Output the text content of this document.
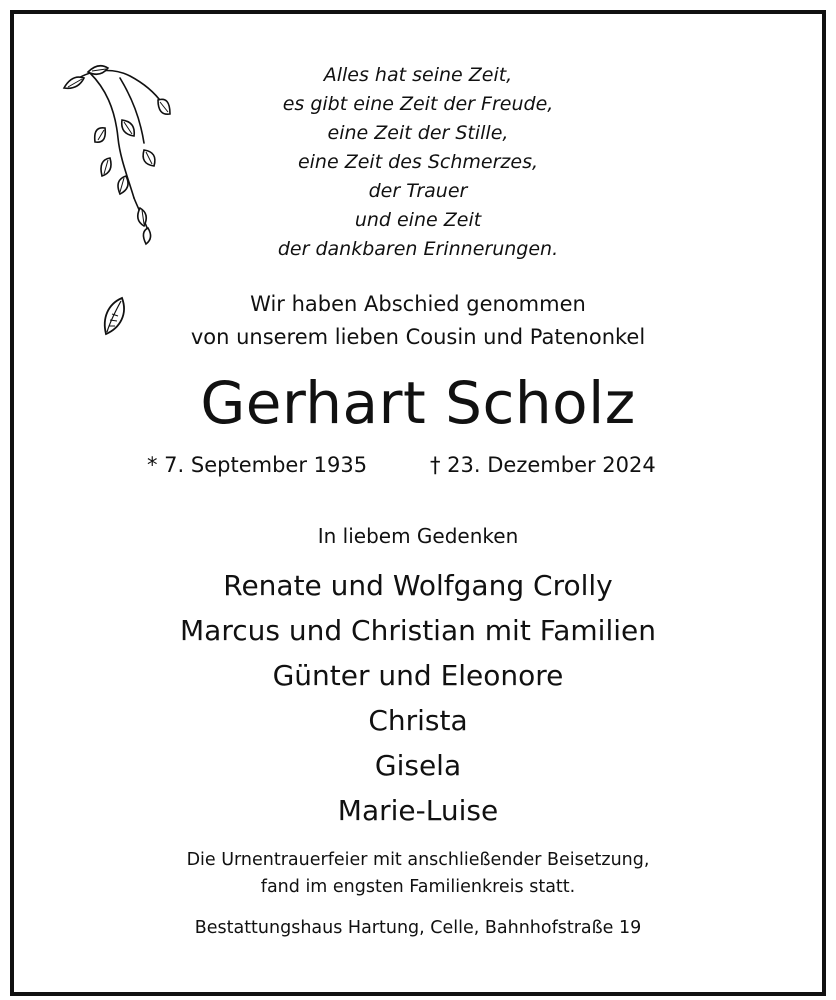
Alles hat seine Zeit,
es gibt eine Zeit der Freude,
eine Zeit der Stille,
eine Zeit des Schmerzes,
der Trauer
und eine Zeit
der dankbaren Erinnerungen.
Wir haben Abschied genommen
von unserem lieben Cousin und Patenonkel
Gerhart Scholz
* 7. September 1935	† 23. Dezember 2024
In liebem Gedenken
Renate und Wolfgang Crolly
Marcus und Christian mit Familien
Günter und Eleonore
Christa
Gisela
Marie-Luise
Die Urnentrauerfeier mit anschließender Beisetzung,
fand im engsten Familienkreis statt.
Bestattungshaus Hartung, Celle, Bahnhofstraße 19
